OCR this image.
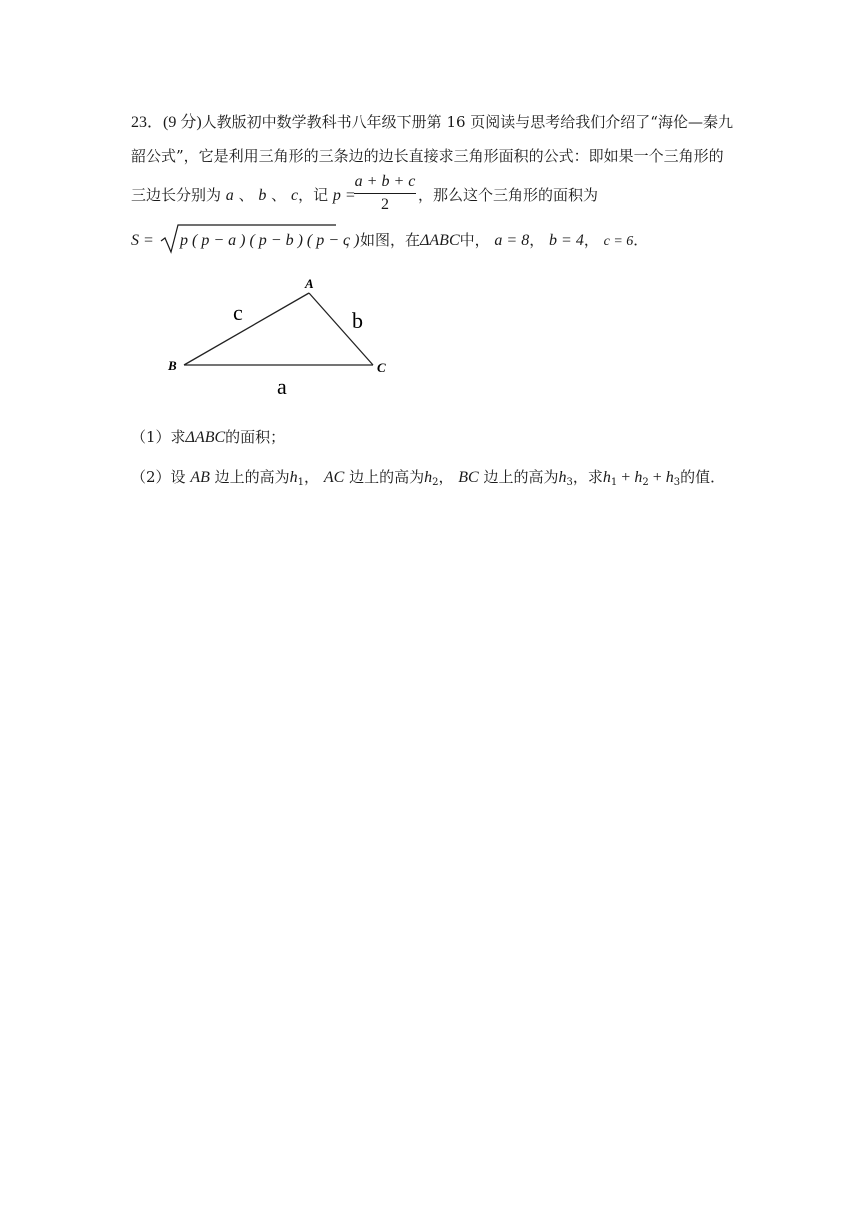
23．(9 分)人教版初中数学教科书八年级下册第 16 页阅读与思考给我们介绍了“海伦—秦九
韶公式”，它是利用三角形的三条边的边长直接求三角形面积的公式：即如果一个三角形的
三边长分别为 a 、 b 、 c，记 p =
a + b + c
2
，那么这个三角形的面积为
S = p ( p − a ) ( p − b ) ( p − c )
，如图，在ΔABC中， a = 8， b = 4， c = 6．
A
B	C
c	b
a
（1）求ΔABC的面积；
（2）设 AB 边上的高为$h_1$， AC 边上的高为$h_2$， BC 边上的高为$h_3$，求$h_1 + h_2 + h_3$的值．
